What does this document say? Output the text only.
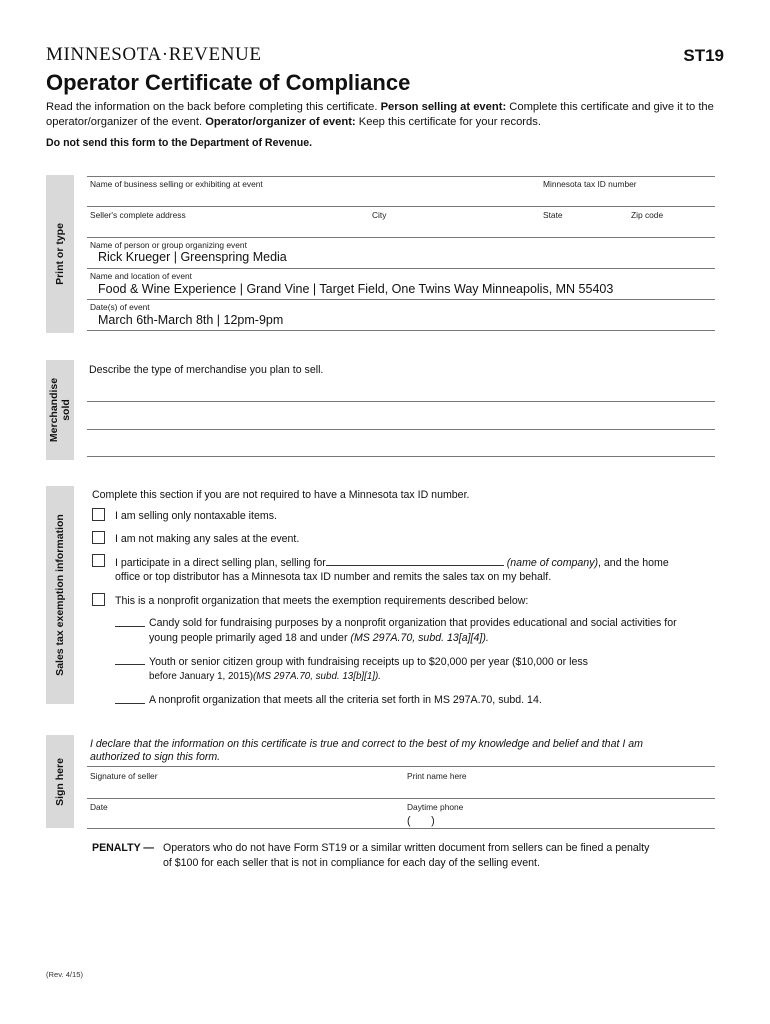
MINNESOTA·REVENUE	ST19
Operator Certificate of Compliance
Read the information on the back before completing this certificate. Person selling at event: Complete this certificate and give it to the operator/organizer of the event. Operator/organizer of event: Keep this certificate for your records.
Do not send this form to the Department of Revenue.
Print or type
Name of business selling or exhibiting at event	Minnesota tax ID number
Seller's complete address	City	State	Zip code
Name of person or group organizing event
Rick Krueger | Greenspring Media
Name and location of event
Food & Wine Experience | Grand Vine | Target Field, One Twins Way Minneapolis, MN 55403
Date(s) of event
March 6th-March 8th | 12pm-9pm
Merchandise
sold
Describe the type of merchandise you plan to sell.
Sales tax exemption information
Complete this section if you are not required to have a Minnesota tax ID number.
I am selling only nontaxable items.
I am not making any sales at the event.
I participate in a direct selling plan, selling for	(name of company), and the home
office or top distributor has a Minnesota tax ID number and remits the sales tax on my behalf.
This is a nonprofit organization that meets the exemption requirements described below:
Candy sold for fundraising purposes by a nonprofit organization that provides educational and social activities for
young people primarily aged 18 and under (MS 297A.70, subd. 13[a][4]).
Youth or senior citizen group with fundraising receipts up to $20,000 per year ($10,000 or less
before January 1, 2015)(MS 297A.70, subd. 13[b][1]).
A nonprofit organization that meets all the criteria set forth in MS 297A.70, subd. 14.
Sign here
I declare that the information on this certificate is true and correct to the best of my knowledge and belief and that I am
authorized to sign this form.
Signature of seller	Print name here
Date	Daytime phone
(       )
PENALTY — Operators who do not have Form ST19 or a similar written document from sellers can be fined a penalty
of $100 for each seller that is not in compliance for each day of the selling event.
(Rev. 4/15)
